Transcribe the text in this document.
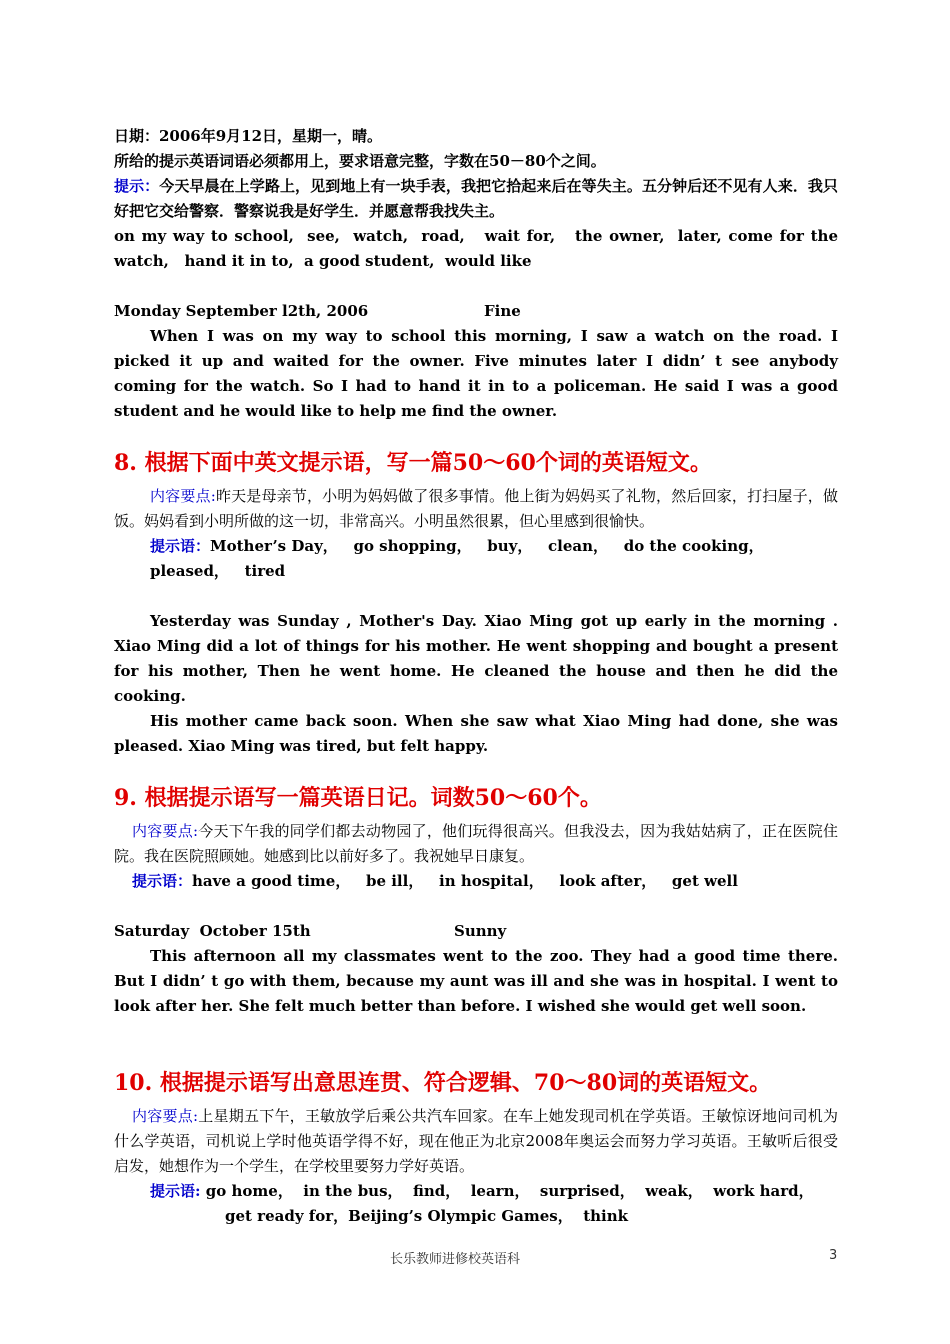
日期：2006年9月12日，星期一，晴。

所给的提示英语词语必须都用上，要求语意完整，字数在50－80个之间。

提示：今天早晨在上学路上，见到地上有一块手表，我把它拾起来后在等失主。五分钟后还不见有人来．我只好把它交给警察．警察说我是好学生．并愿意帮我找失主。

on my way to school,  see,  watch,  road,   wait for,   the owner,  later, come for the watch,   hand it in to,  a good student,  would like

Monday September l2th, 2006	Fine

When I was on my way to school this morning, I saw a watch on the road. I picked it up and waited for the owner. Five minutes later I didn’ t see anybody coming for the watch. So I had to hand it in to a policeman. He said I was a good student and he would like to help me find the owner.

8. 根据下面中英文提示语，写一篇50～60个词的英语短文。

内容要点:昨天是母亲节，小明为妈妈做了很多事情。他上街为妈妈买了礼物，然后回家，打扫屋子，做饭。妈妈看到小明所做的这一切，非常高兴。小明虽然很累，但心里感到很愉快。

提示语：Mother’s Day，   go shopping，   buy，   clean，   do the cooking，   pleased，   tired

Yesterday was Sunday , Mother's Day. Xiao Ming got up early in the morning . Xiao Ming did a lot of things for his mother. He went shopping and bought a present for his mother, Then he went home. He cleaned the house and then he did the cooking.

His mother came back soon. When she saw what Xiao Ming had done, she was pleased. Xiao Ming was tired, but felt happy.

9. 根据提示语写一篇英语日记。词数50～60个。

内容要点:今天下午我的同学们都去动物园了，他们玩得很高兴。但我没去，因为我姑姑病了，正在医院住院。我在医院照顾她。她感到比以前好多了。我祝她早日康复。

提示语：have a good time，   be ill，   in hospital，   look after，   get well

Saturday  October 15th	Sunny

This afternoon all my classmates went to the zoo. They had a good time there. But I didn’ t go with them, because my aunt was ill and she was in hospital. I went to look after her. She felt much better than before. I wished she would get well soon.

10. 根据提示语写出意思连贯、符合逻辑、70～80词的英语短文。

内容要点:上星期五下午，王敏放学后乘公共汽车回家。在车上她发现司机在学英语。王敏惊讶地问司机为什么学英语，司机说上学时他英语学得不好，现在他正为北京2008年奥运会而努力学习英语。王敏听后很受启发，她想作为一个学生，在学校里要努力学好英语。

提示语: go home，  in the bus，  find，  learn，  surprised，  weak，  work hard，

get ready for，Beijing’s Olympic Games，  think

长乐教师进修校英语科	3
